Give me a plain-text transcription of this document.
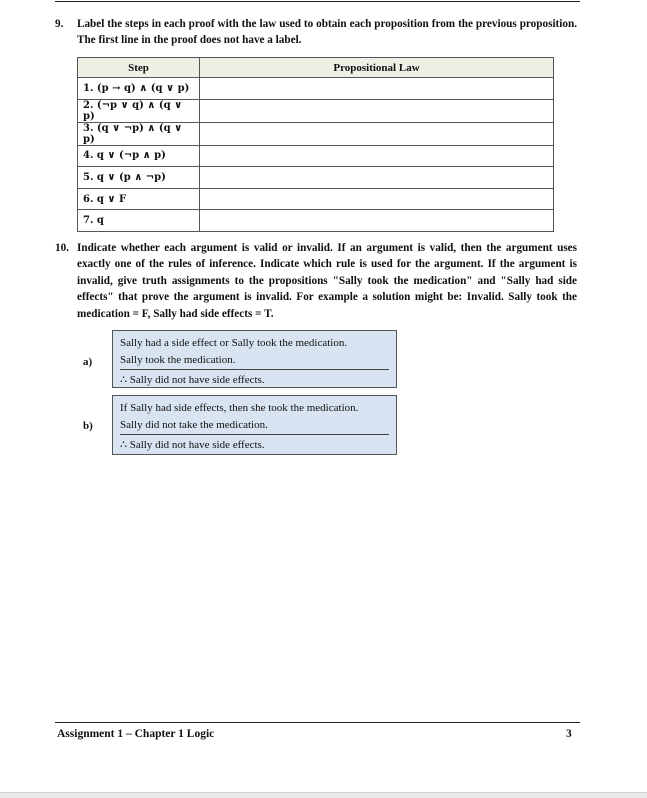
9. Label the steps in each proof with the law used to obtain each proposition from the previous proposition. The first line in the proof does not have a label.
Step	Propositional Law
1. (p → q) ∧ (q ∨ p)	
2. (¬p ∨ q) ∧ (q ∨ p)	
3. (q ∨ ¬p) ∧ (q ∨ p)	
4. q ∨ (¬p ∧ p)	
5. q ∨ (p ∧ ¬p)	
6. q ∨ F	
7. q	
10. Indicate whether each argument is valid or invalid. If an argument is valid, then the argument uses exactly one of the rules of inference. Indicate which rule is used for the argument. If the argument is invalid, give truth assignments to the propositions "Sally took the medication" and "Sally had side effects" that prove the argument is invalid. For example a solution might be: Invalid. Sally took the medication = F, Sally had side effects = T.
a)
Sally had a side effect or Sally took the medication.
Sally took the medication.
∴ Sally did not have side effects.
b)
If Sally had side effects, then she took the medication.
Sally did not take the medication.
∴ Sally did not have side effects.
Assignment 1 – Chapter 1 Logic	3
